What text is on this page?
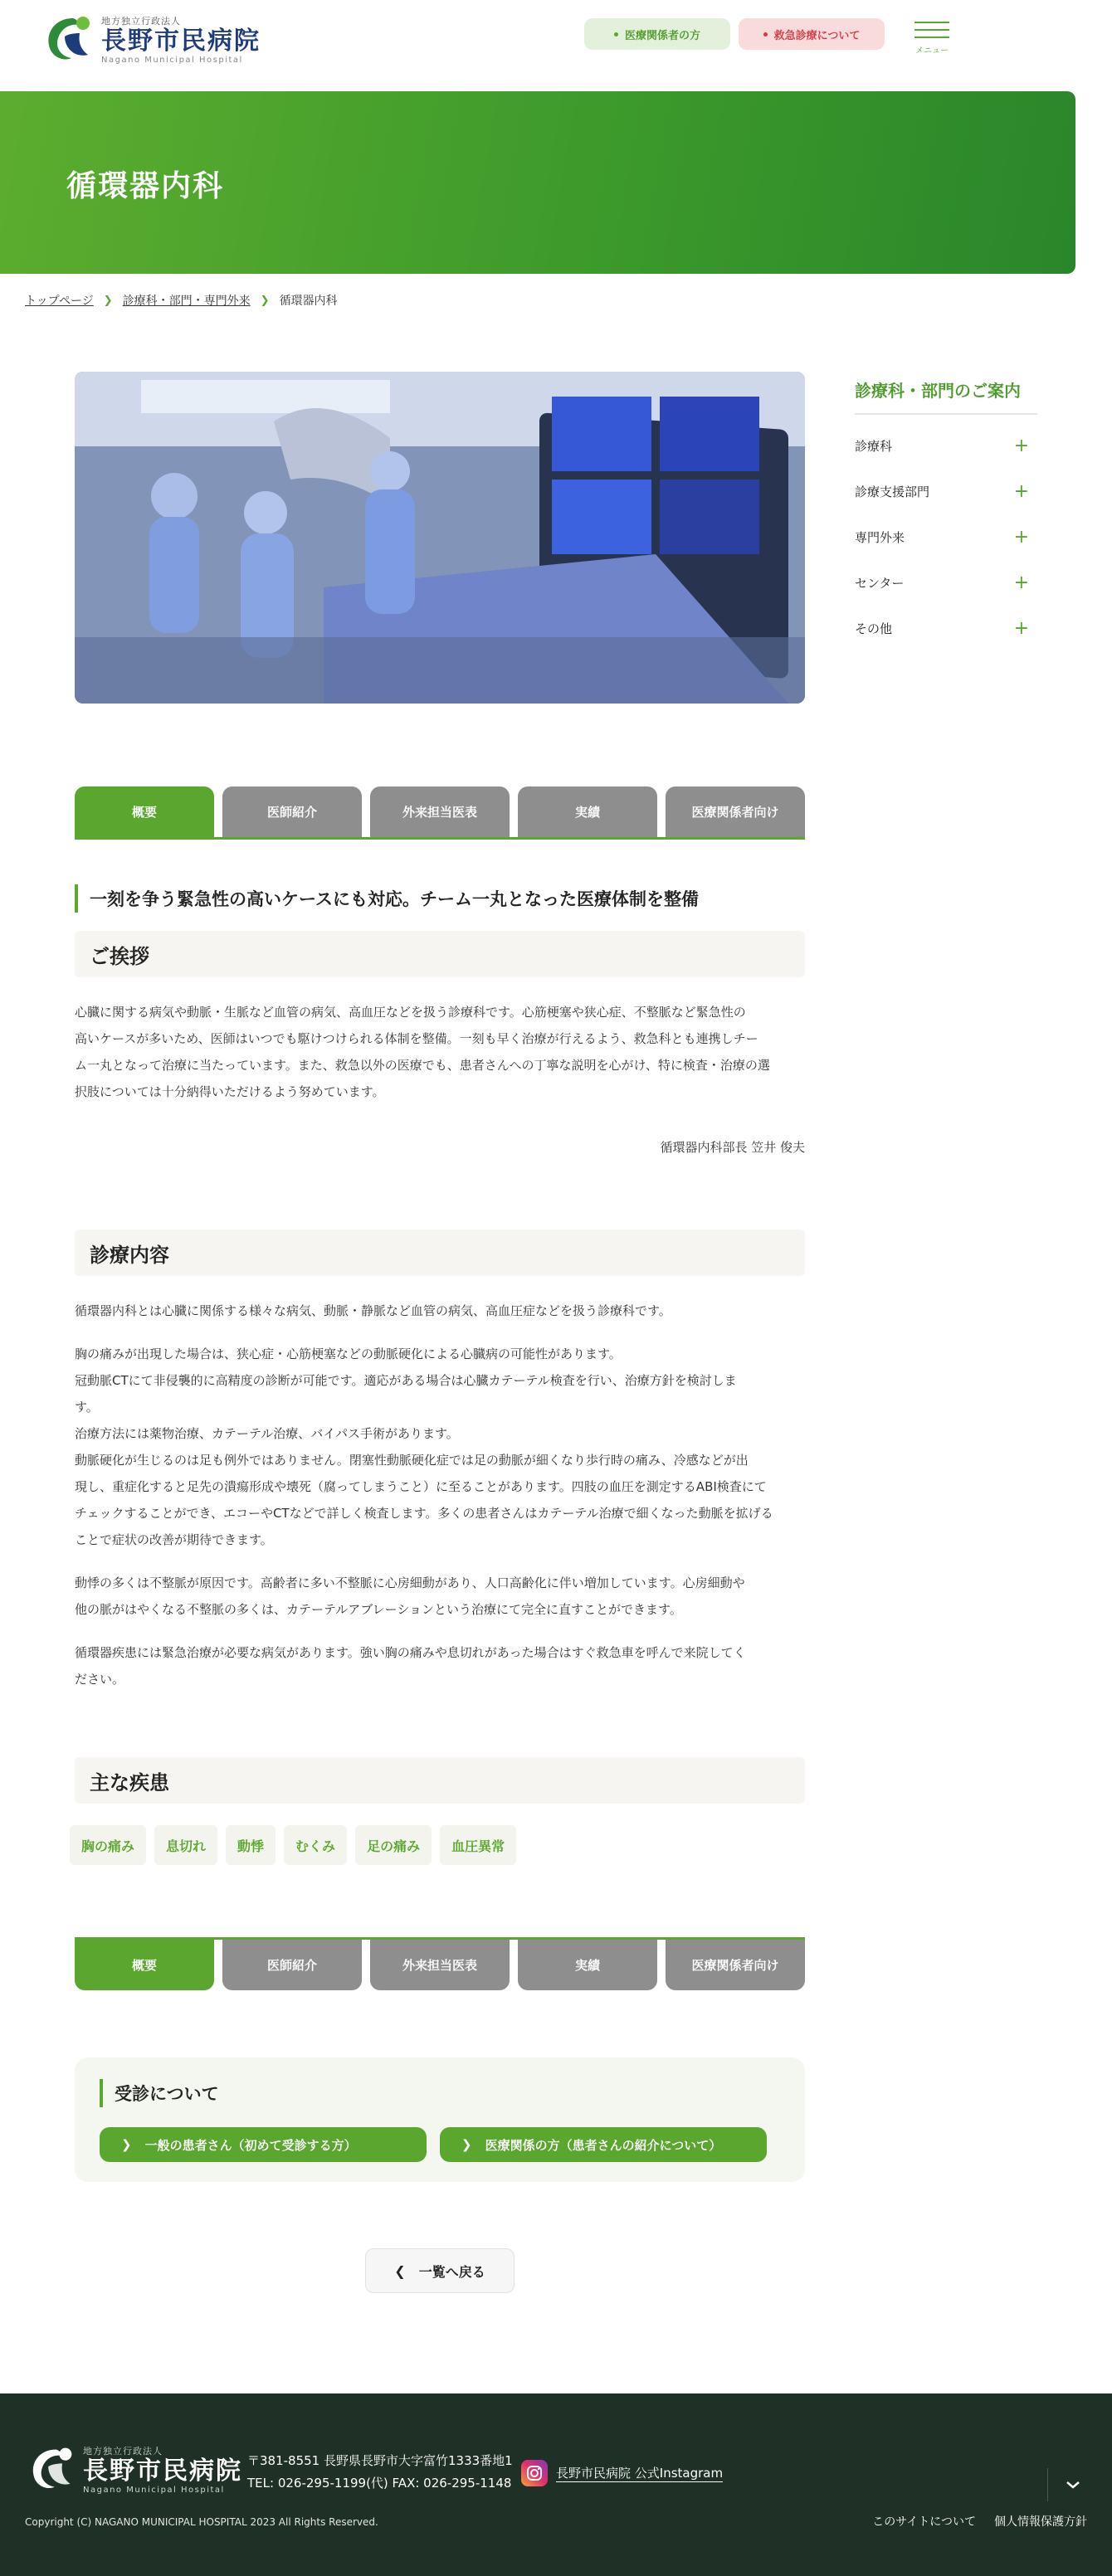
地方独立行政法人
長野市民病院
Nagano Municipal Hospital
医療関係者の方	救急診療について
メニュー
循環器内科
トップページ ❯ 診療科・部門・専門外来 ❯ 循環器内科
概要	医師紹介	外来担当医表	実績	医療関係者向け
一刻を争う緊急性の高いケースにも対応。チーム一丸となった医療体制を整備
ご挨拶
心臓に関する病気や動脈・生脈など血管の病気、高血圧などを扱う診療科です。心筋梗塞や狭心症、不整脈など緊急性の
高いケースが多いため、医師はいつでも駆けつけられる体制を整備。一刻も早く治療が行えるよう、救急科とも連携しチー
ム一丸となって治療に当たっています。また、救急以外の医療でも、患者さんへの丁寧な説明を心がけ、特に検査・治療の選
択肢については十分納得いただけるよう努めています。
循環器内科部長 笠井 俊夫
診療内容
循環器内科とは心臓に関係する様々な病気、動脈・静脈など血管の病気、高血圧症などを扱う診療科です。
胸の痛みが出現した場合は、狭心症・心筋梗塞などの動脈硬化による心臓病の可能性があります。
冠動脈CTにて非侵襲的に高精度の診断が可能です。適応がある場合は心臓カテーテル検査を行い、治療方針を検討しま
す。
治療方法には薬物治療、カテーテル治療、バイパス手術があります。
動脈硬化が生じるのは足も例外ではありません。閉塞性動脈硬化症では足の動脈が細くなり歩行時の痛み、冷感などが出
現し、重症化すると足先の潰瘍形成や壊死（腐ってしまうこと）に至ることがあります。四肢の血圧を測定するABI検査にて
チェックすることができ、エコーやCTなどで詳しく検査します。多くの患者さんはカテーテル治療で細くなった動脈を拡げる
ことで症状の改善が期待できます。
動悸の多くは不整脈が原因です。高齢者に多い不整脈に心房細動があり、人口高齢化に伴い増加しています。心房細動や
他の脈がはやくなる不整脈の多くは、カテーテルアブレーションという治療にて完全に直すことができます。
循環器疾患には緊急治療が必要な病気があります。強い胸の痛みや息切れがあった場合はすぐ救急車を呼んで来院してく
ださい。
主な疾患
胸の痛み	息切れ	動悸	むくみ	足の痛み	血圧異常
概要	医師紹介	外来担当医表	実績	医療関係者向け
受診について
❯ 一般の患者さん（初めて受診する方）	❯ 医療関係の方（患者さんの紹介について）
❮ 一覧へ戻る
診療科・部門のご案内
診療科	+
診療支援部門	+
専門外来	+
センター	+
その他	+
地方独立行政法人
長野市民病院
Nagano Municipal Hospital
〒381-8551 長野県長野市大字富竹1333番地1
TEL: 026-295-1199(代) FAX: 026-295-1148
長野市民病院 公式Instagram
Copyright (C) NAGANO MUNICIPAL HOSPITAL 2023 All Rights Reserved.	このサイトについて 個人情報保護方針
